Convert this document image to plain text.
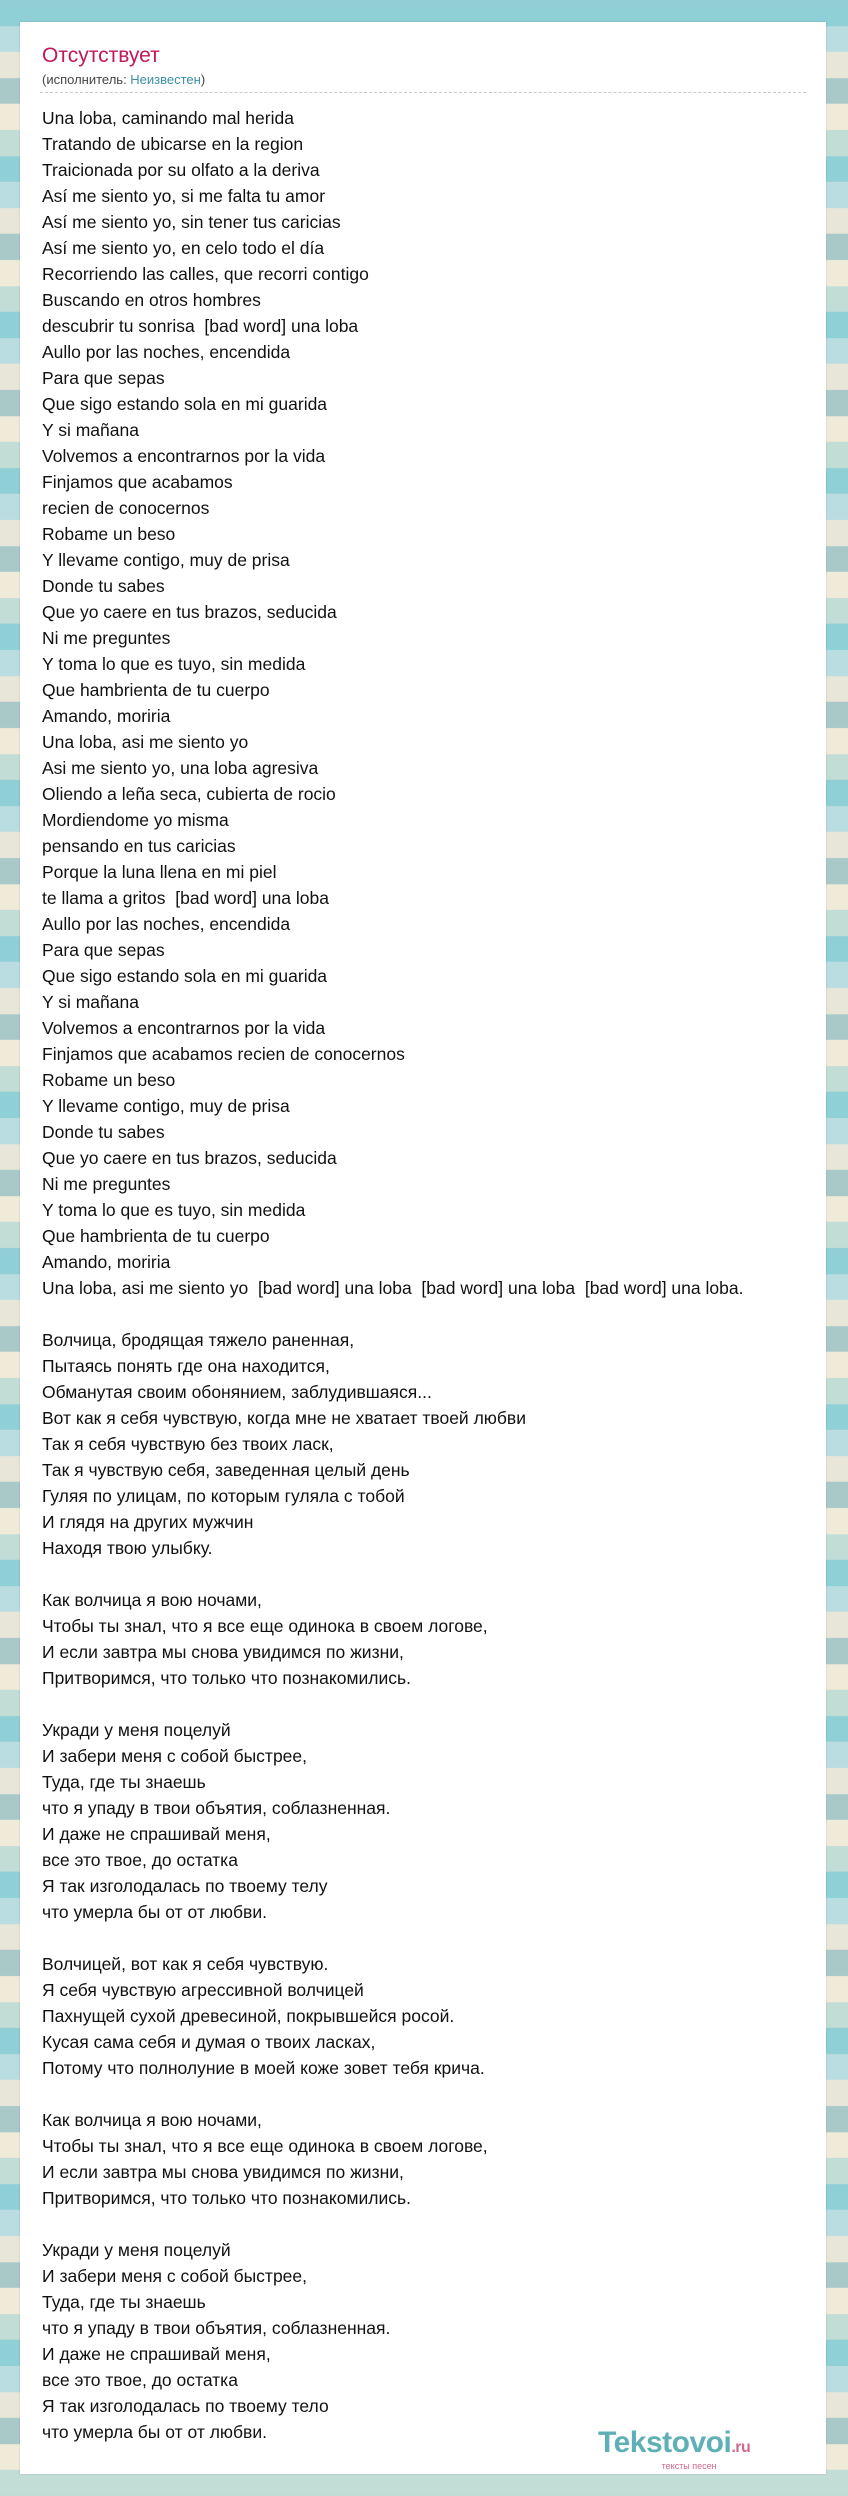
Отсутствует
(исполнитель: Неизвестен)
Una loba, caminando mal herida
Tratando de ubicarse en la region
Traicionada por su olfato a la deriva
Así me siento yo, si me falta tu amor
Así me siento yo, sin tener tus caricias
Así me siento yo, en celo todo el día
Recorriendo las calles, que recorri contigo
Buscando en otros hombres
descubrir tu sonrisa  [bad word] una loba
Aullo por las noches, encendida
Para que sepas
Que sigo estando sola en mi guarida
Y si mañana
Volvemos a encontrarnos por la vida
Finjamos que acabamos
recien de conocernos
Robame un beso
Y llevame contigo, muy de prisa
Donde tu sabes
Que yo caere en tus brazos, seducida
Ni me preguntes
Y toma lo que es tuyo, sin medida
Que hambrienta de tu cuerpo
Amando, moriria
Una loba, asi me siento yo
Asi me siento yo, una loba agresiva
Oliendo a leña seca, cubierta de rocio
Mordiendome yo misma
pensando en tus caricias
Porque la luna llena en mi piel
te llama a gritos  [bad word] una loba
Aullo por las noches, encendida
Para que sepas
Que sigo estando sola en mi guarida
Y si mañana
Volvemos a encontrarnos por la vida
Finjamos que acabamos recien de conocernos
Robame un beso
Y llevame contigo, muy de prisa
Donde tu sabes
Que yo caere en tus brazos, seducida
Ni me preguntes
Y toma lo que es tuyo, sin medida
Que hambrienta de tu cuerpo
Amando, moriria
Una loba, asi me siento yo  [bad word] una loba  [bad word] una loba  [bad word] una loba.
Волчица, бродящая тяжело раненная,
Пытаясь понять где она находится,
Обманутая своим обонянием, заблудившаяся...
Вот как я себя чувствую, когда мне не хватает твоей любви
Так я себя чувствую без твоих ласк,
Так я чувствую себя, заведенная целый день
Гуляя по улицам, по которым гуляла с тобой
И глядя на других мужчин
Находя твою улыбку.
Как волчица я вою ночами,
Чтобы ты знал, что я все еще одинока в своем логове,
И если завтра мы снова увидимся по жизни,
Притворимся, что только что познакомились.
Укради у меня поцелуй
И забери меня с собой быстрее,
Туда, где ты знаешь
что я упаду в твои объятия, соблазненная.
И даже не спрашивай меня,
все это твое, до остатка
Я так изголодалась по твоему телу
что умерла бы от от любви.
Волчицей, вот как я себя чувствую.
Я себя чувствую агрессивной волчицей
Пахнущей сухой древесиной, покрывшейся росой.
Кусая сама себя и думая о твоих ласках,
Потому что полнолуние в моей коже зовет тебя крича.
Как волчица я вою ночами,
Чтобы ты знал, что я все еще одинока в своем логове,
И если завтра мы снова увидимся по жизни,
Притворимся, что только что познакомились.
Укради у меня поцелуй
И забери меня с собой быстрее,
Туда, где ты знаешь
что я упаду в твои объятия, соблазненная.
И даже не спрашивай меня,
все это твое, до остатка
Я так изголодалась по твоему тело
что умерла бы от от любви.	Tekstovoi.ru
тексты песен
